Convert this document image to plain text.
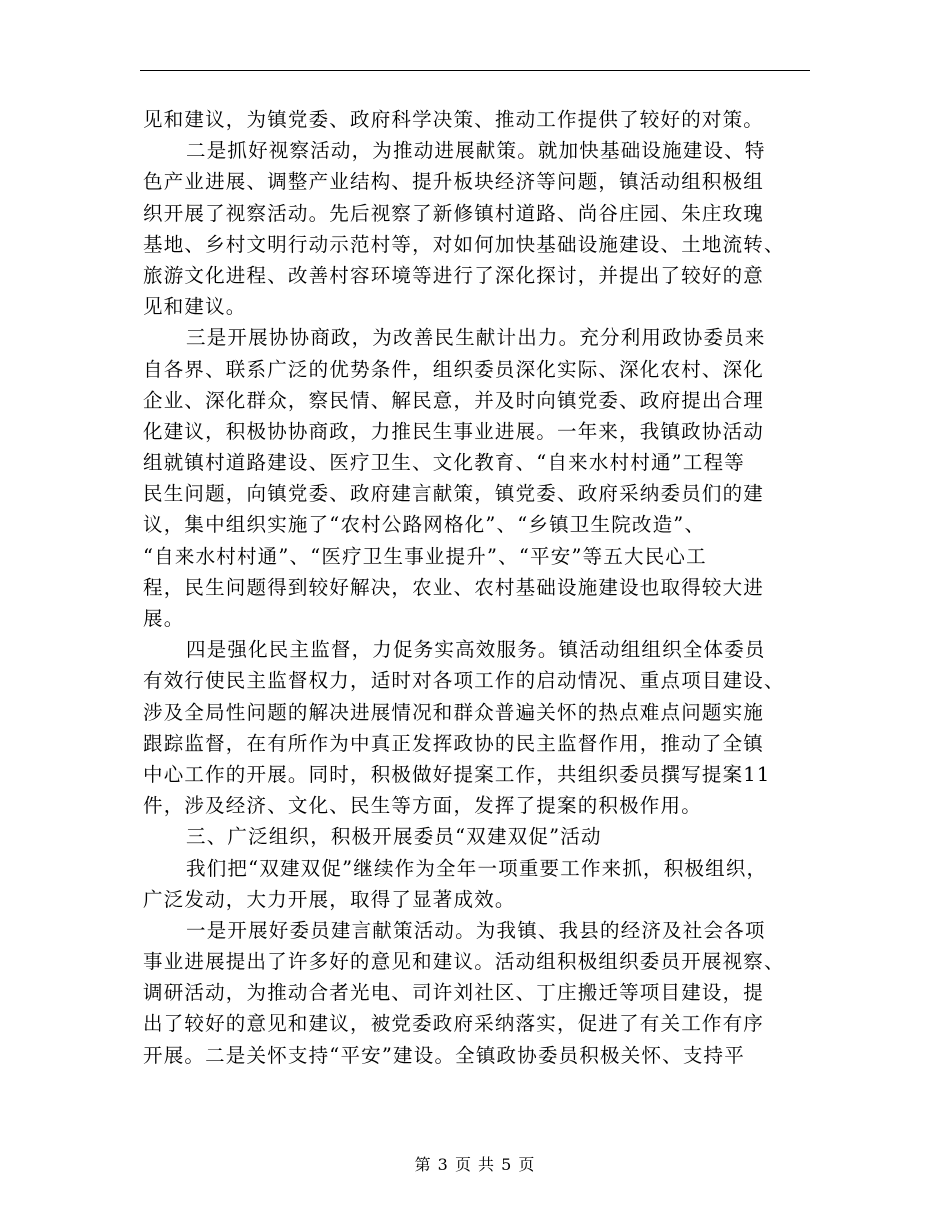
见和建议，为镇党委、政府科学决策、推动工作提供了较好的对策。
二是抓好视察活动，为推动进展献策。就加快基础设施建设、特
色产业进展、调整产业结构、提升板块经济等问题，镇活动组积极组
织开展了视察活动。先后视察了新修镇村道路、尚谷庄园、朱庄玫瑰
基地、乡村文明行动示范村等，对如何加快基础设施建设、土地流转、
旅游文化进程、改善村容环境等进行了深化探讨，并提出了较好的意
见和建议。
三是开展协协商政，为改善民生献计出力。充分利用政协委员来
自各界、联系广泛的优势条件，组织委员深化实际、深化农村、深化
企业、深化群众，察民情、解民意，并及时向镇党委、政府提出合理
化建议，积极协协商政，力推民生事业进展。一年来，我镇政协活动
组就镇村道路建设、医疗卫生、文化教育、“自来水村村通”工程等
民生问题，向镇党委、政府建言献策，镇党委、政府采纳委员们的建
议，集中组织实施了“农村公路网格化”、“乡镇卫生院改造”、
“自来水村村通”、“医疗卫生事业提升”、“平安”等五大民心工
程，民生问题得到较好解决，农业、农村基础设施建设也取得较大进
展。
四是强化民主监督，力促务实高效服务。镇活动组组织全体委员
有效行使民主监督权力，适时对各项工作的启动情况、重点项目建设、
涉及全局性问题的解决进展情况和群众普遍关怀的热点难点问题实施
跟踪监督，在有所作为中真正发挥政协的民主监督作用，推动了全镇
中心工作的开展。同时，积极做好提案工作，共组织委员撰写提案11
件，涉及经济、文化、民生等方面，发挥了提案的积极作用。
三、广泛组织，积极开展委员“双建双促”活动
我们把“双建双促”继续作为全年一项重要工作来抓，积极组织，
广泛发动，大力开展，取得了显著成效。
一是开展好委员建言献策活动。为我镇、我县的经济及社会各项
事业进展提出了许多好的意见和建议。活动组积极组织委员开展视察、
调研活动，为推动合者光电、司许刘社区、丁庄搬迁等项目建设，提
出了较好的意见和建议，被党委政府采纳落实，促进了有关工作有序
开展。二是关怀支持“平安”建设。全镇政协委员积极关怀、支持平
第 3 页 共 5 页
